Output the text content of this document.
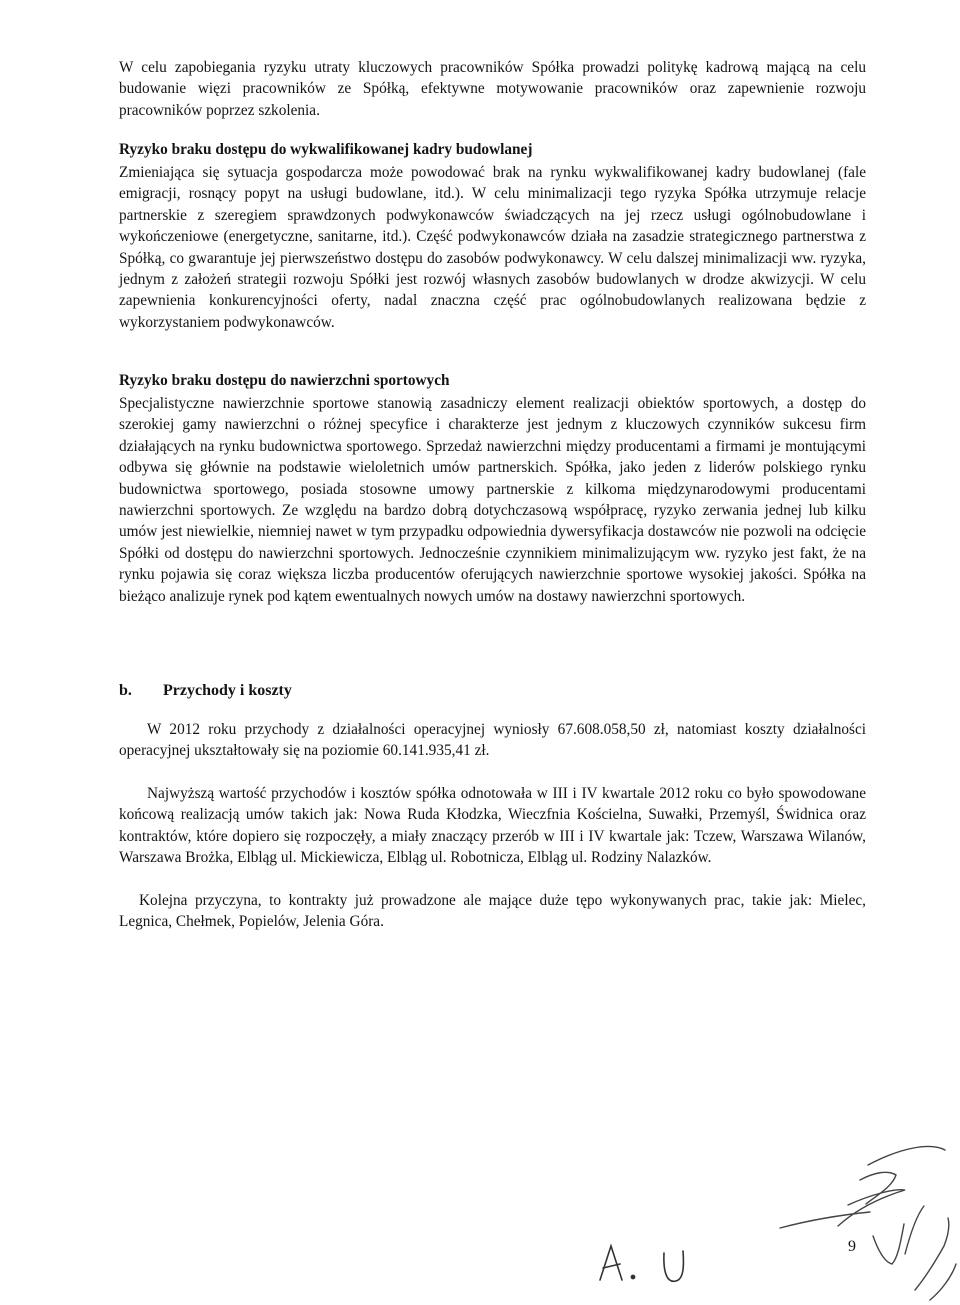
W celu zapobiegania ryzyku utraty kluczowych pracowników Spółka prowadzi politykę kadrową mającą na celu budowanie więzi pracowników ze Spółką, efektywne motywowanie pracowników oraz zapewnienie rozwoju pracowników poprzez szkolenia.

Ryzyko braku dostępu do wykwalifikowanej kadry budowlanej

Zmieniająca się sytuacja gospodarcza może powodować brak na rynku wykwalifikowanej kadry budowlanej (fale emigracji, rosnący popyt na usługi budowlane, itd.). W celu minimalizacji tego ryzyka Spółka utrzymuje relacje partnerskie z szeregiem sprawdzonych podwykonawców świadczących na jej rzecz usługi ogólnobudowlane i wykończeniowe (energetyczne, sanitarne, itd.). Część podwykonawców działa na zasadzie strategicznego partnerstwa z Spółką, co gwarantuje jej pierwszeństwo dostępu do zasobów podwykonawcy. W celu dalszej minimalizacji ww. ryzyka, jednym z założeń strategii rozwoju Spółki jest rozwój własnych zasobów budowlanych w drodze akwizycji. W celu zapewnienia konkurencyjności oferty, nadal znaczna część prac ogólnobudowlanych realizowana będzie z wykorzystaniem podwykonawców.

Ryzyko braku dostępu do nawierzchni sportowych

Specjalistyczne nawierzchnie sportowe stanowią zasadniczy element realizacji obiektów sportowych, a dostęp do szerokiej gamy nawierzchni o różnej specyfice i charakterze jest jednym z kluczowych czynników sukcesu firm działających na rynku budownictwa sportowego. Sprzedaż nawierzchni między producentami a firmami je montującymi odbywa się głównie na podstawie wieloletnich umów partnerskich. Spółka, jako jeden z liderów polskiego rynku budownictwa sportowego, posiada stosowne umowy partnerskie z kilkoma międzynarodowymi producentami nawierzchni sportowych. Ze względu na bardzo dobrą dotychczasową współpracę, ryzyko zerwania jednej lub kilku umów jest niewielkie, niemniej nawet w tym przypadku odpowiednia dywersyfikacja dostawców nie pozwoli na odcięcie Spółki od dostępu do nawierzchni sportowych. Jednocześnie czynnikiem minimalizującym ww. ryzyko jest fakt, że na rynku pojawia się coraz większa liczba producentów oferujących nawierzchnie sportowe wysokiej jakości. Spółka na bieżąco analizuje rynek pod kątem ewentualnych nowych umów na dostawy nawierzchni sportowych.

b. Przychody i koszty

W 2012 roku przychody z działalności operacyjnej wyniosły 67.608.058,50 zł, natomiast koszty działalności operacyjnej ukształtowały się na poziomie 60.141.935,41 zł.

Najwyższą wartość przychodów i kosztów spółka odnotowała w III i IV kwartale 2012 roku co było spowodowane końcową realizacją umów takich jak: Nowa Ruda Kłodzka, Wieczfnia Kościelna, Suwałki, Przemyśl, Świdnica oraz kontraktów, które dopiero się rozpoczęły, a miały znaczący przerób w III i IV kwartale jak: Tczew, Warszawa Wilanów, Warszawa Brożka, Elbląg ul. Mickiewicza, Elbląg ul. Robotnicza, Elbląg ul. Rodziny Nalazków.

Kolejna przyczyna, to kontrakty już prowadzone ale mające duże tępo wykonywanych prac, takie jak: Mielec, Legnica, Chełmek, Popielów, Jelenia Góra.

9
